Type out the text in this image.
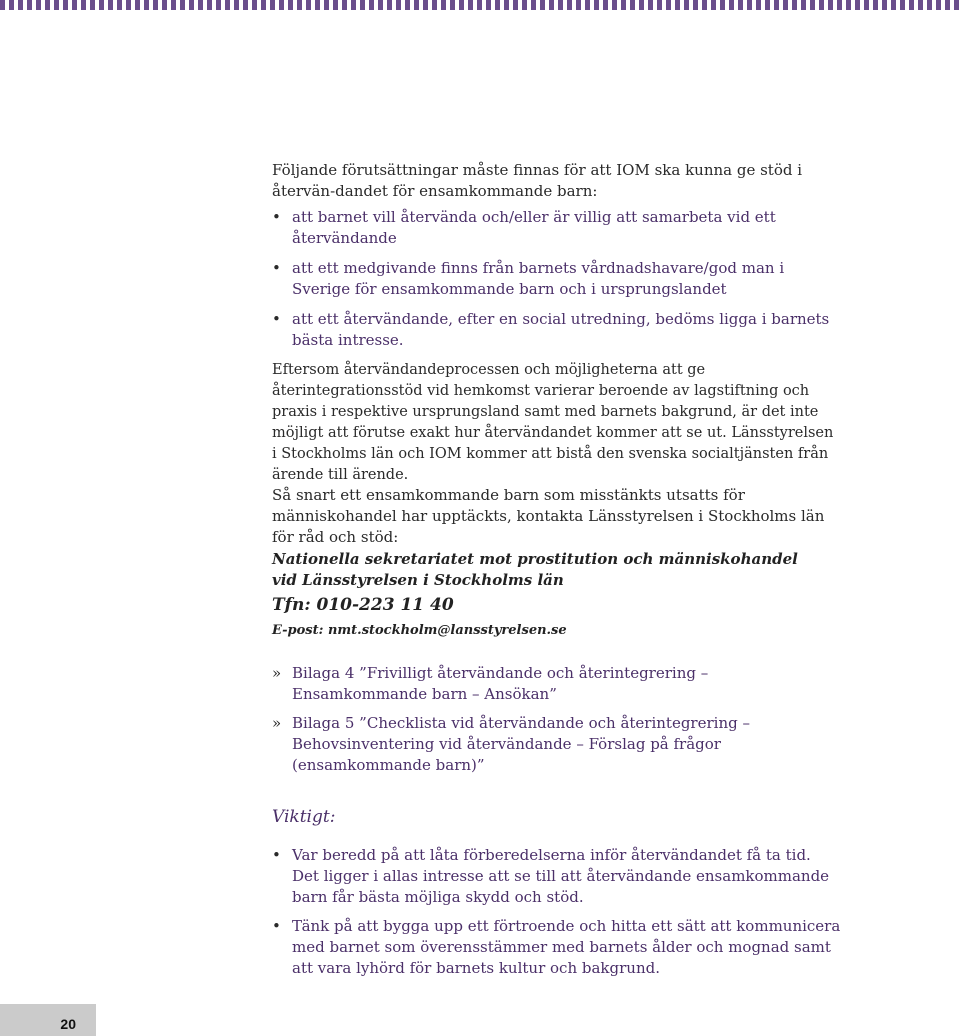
Följande förutsättningar måste finnas för att IOM ska kunna ge stöd i återvän-dandet för ensamkommande barn:

• att barnet vill återvända och/eller är villig att samarbeta vid ett återvändande

• att ett medgivande finns från barnets vårdnadshavare/god man i Sverige för ensamkommande barn och i ursprungslandet

• att ett återvändande, efter en social utredning, bedöms ligga i barnets bästa intresse.

Eftersom återvändandeprocessen och möjligheterna att ge återintegrationsstöd vid hemkomst varierar beroende av lagstiftning och praxis i respektive ursprungsland samt med barnets bakgrund, är det inte möjligt att förutse exakt hur återvändandet kommer att se ut. Länsstyrelsen i Stockholms län och IOM kommer att bistå den svenska socialtjänsten från ärende till ärende.

Så snart ett ensamkommande barn som misstänkts utsatts för människohandel har upptäckts, kontakta Länsstyrelsen i Stockholms län för råd och stöd:

Nationella sekretariatet mot prostitution och människohandel
vid Länsstyrelsen i Stockholms län
Tfn: 010-223 11 40
E-post: nmt.stockholm@lansstyrelsen.se
» Bilaga 4 ”Frivilligt återvändande och återintegrering – Ensamkommande barn – Ansökan”

» Bilaga 5 ”Checklista vid återvändande och återintegrering – Behovsinventering vid återvändande – Förslag på frågor (ensamkommande barn)”

Viktigt:
• Var beredd på att låta förberedelserna inför återvändandet få ta tid. Det ligger i allas intresse att se till att återvändande ensamkommande barn får bästa möjliga skydd och stöd.

• Tänk på att bygga upp ett förtroende och hitta ett sätt att kommunicera med barnet som överensstämmer med barnets ålder och mognad samt att vara lyhörd för barnets kultur och bakgrund.

20
